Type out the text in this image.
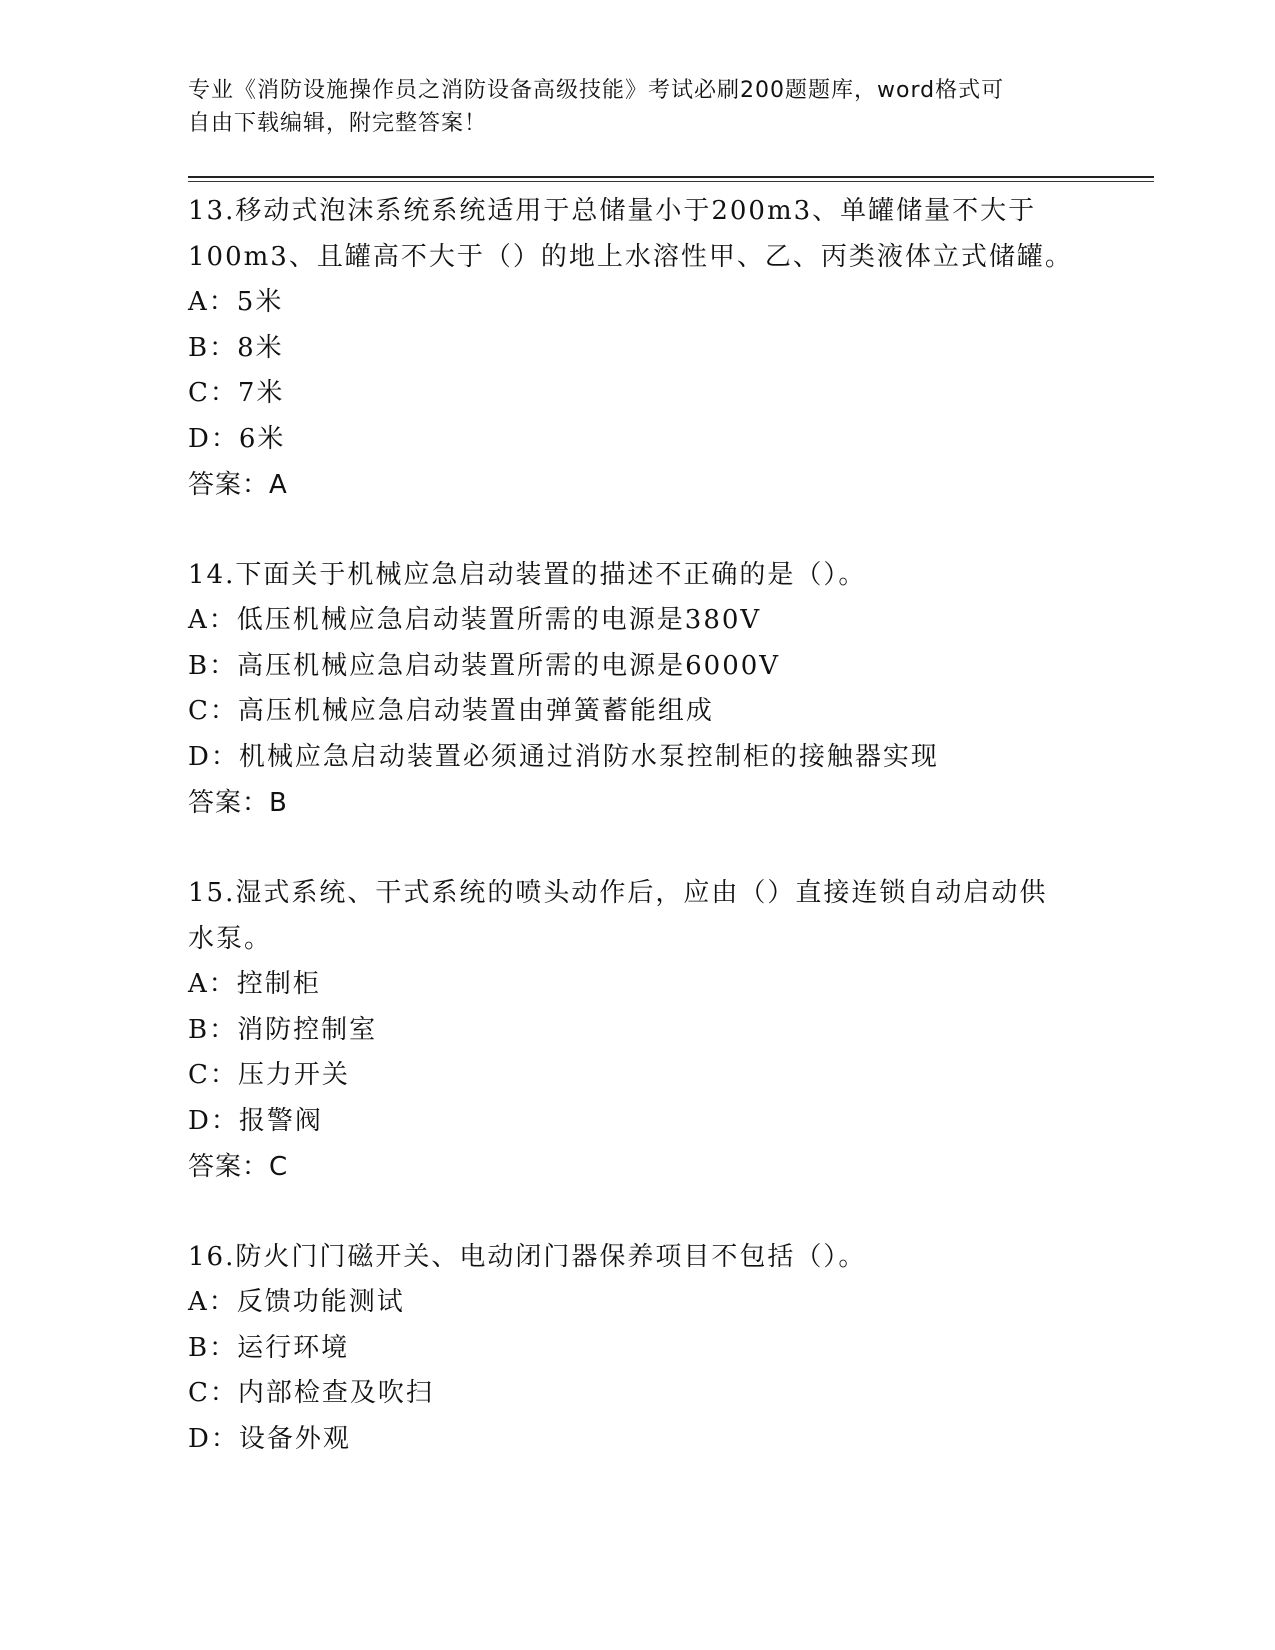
专业《消防设施操作员之消防设备高级技能》考试必刷200题题库，word格式可
自由下载编辑，附完整答案！

13.移动式泡沫系统系统适用于总储量小于200m3、单罐储量不大于

100m3、且罐高不大于（）的地上水溶性甲、乙、丙类液体立式储罐。

A：5米

B：8米

C：7米

D：6米

答案：A

14.下面关于机械应急启动装置的描述不正确的是（）。

A：低压机械应急启动装置所需的电源是380V

B：高压机械应急启动装置所需的电源是6000V

C：高压机械应急启动装置由弹簧蓄能组成

D：机械应急启动装置必须通过消防水泵控制柜的接触器实现

答案：B

15.湿式系统、干式系统的喷头动作后，应由（）直接连锁自动启动供

水泵。

A：控制柜

B：消防控制室

C：压力开关

D：报警阀

答案：C

16.防火门门磁开关、电动闭门器保养项目不包括（）。

A：反馈功能测试

B：运行环境

C：内部检查及吹扫

D：设备外观
